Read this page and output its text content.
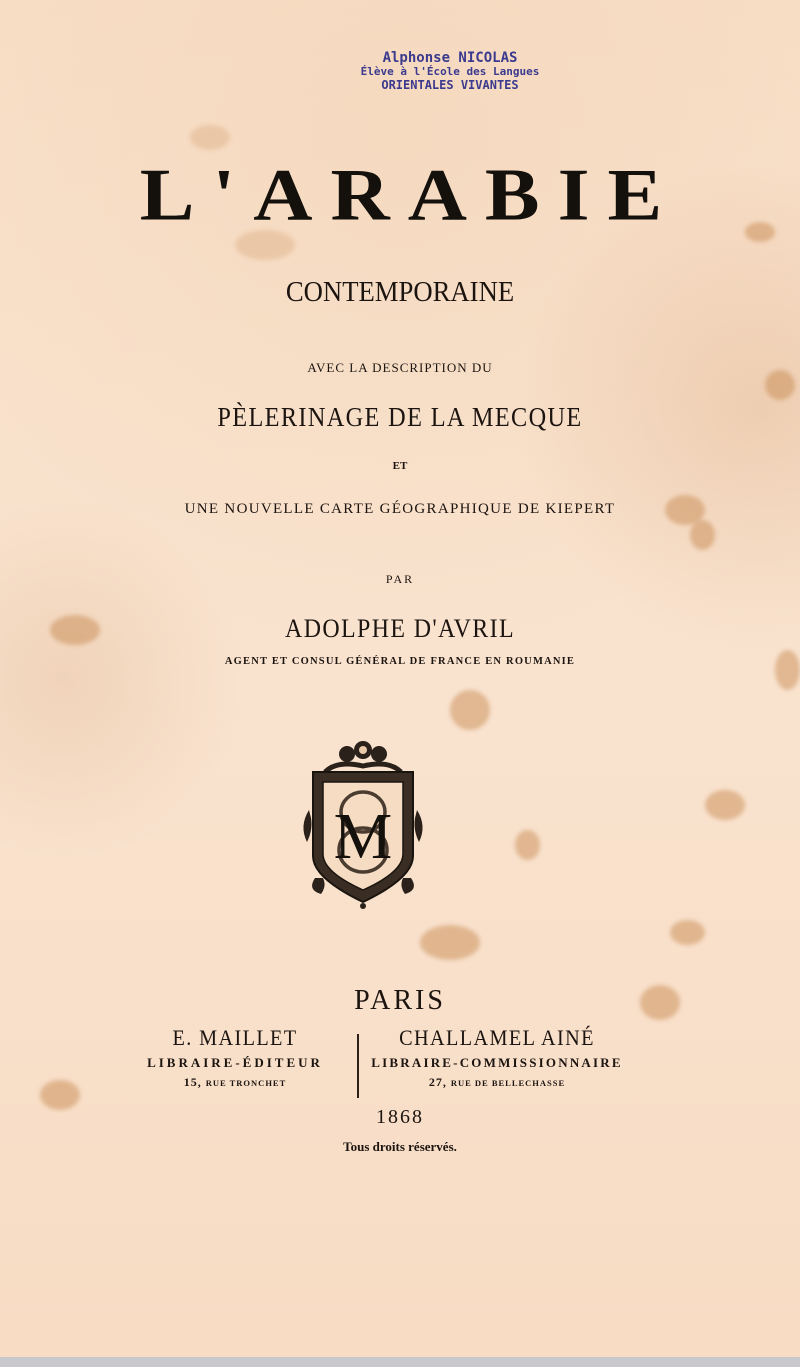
Alphonse NICOLAS
Élève à l'École des Langues
ORIENTALES VIVANTES
L'ARABIE
CONTEMPORAINE
AVEC LA DESCRIPTION DU
PÈLERINAGE DE LA MECQUE
ET
UNE NOUVELLE CARTE GÉOGRAPHIQUE DE KIEPERT
PAR
ADOLPHE D'AVRIL
AGENT ET CONSUL GÉNÉRAL DE FRANCE EN ROUMANIE
M
PARIS
E. MAILLET
LIBRAIRE-ÉDITEUR
15, RUE TRONCHET
CHALLAMEL AINÉ
LIBRAIRE-COMMISSIONNAIRE
27, RUE DE BELLECHASSE
1868
Tous droits réservés.
